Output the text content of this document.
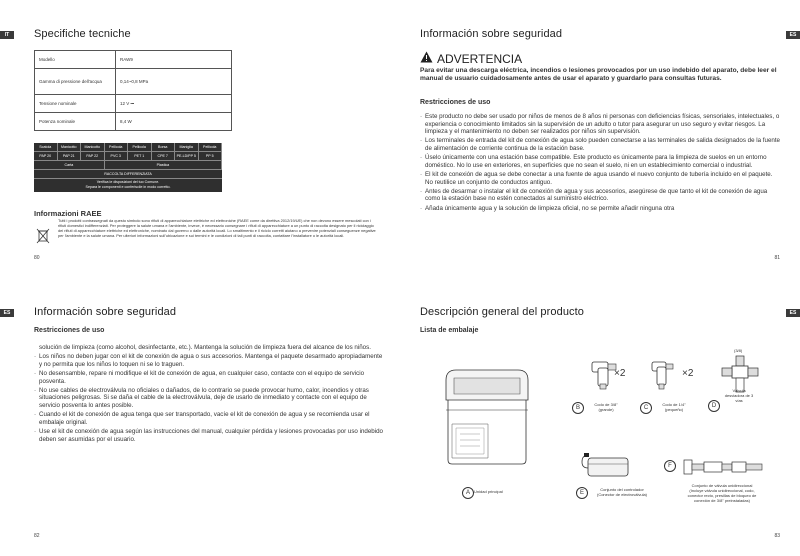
IT	Specifiche tecniche
Modello	RAW9
Gamma di pressione dell'acqua	0,14~0,8 MPa
Tensione nominale	12 V ⎓
Potenza nominale	8,4 W
Scatola	Manicotto	Manicotto	Pellicola	Pellicola	Borsa	Maniglia	Pellicola
PAP 20	PAP 21	PAP 22	PVC 3	PET 1	CPE 7	PE-LD/PP 5	PP 5
Carta	Plastica
RACCOLTA DIFFERENZIATA
Verifica le disposizioni del tuo Comune.
Separa le componenti e conferiscile in modo corretto.
Informazioni RAEE
Tutti i prodotti contrassegnati da questo simbolo sono rifiuti di apparecchiature elettriche ed elettroniche (RAEE come da direttiva 2012/19/UE) che non devono essere mescolati con i rifiuti domestici indifferenziati. Per proteggere la salute umana e l'ambiente, invece, è necessario consegnare i rifiuti di apparecchiature a un punto di raccolta designato per il riciclaggio dei rifiuti di apparecchiature elettriche ed elettroniche, nominato dal governo o dalle autorità locali. Lo smaltimento e il riciclo corretti aiutano a prevenire potenziali conseguenze negative per l'ambiente e la salute umana. Per ulteriori informazioni sull'ubicazione e sui termini e le condizioni di tali punti di raccolta, contattare l'installatore o le autorità locali.
80
ES
Información sobre seguridad
ADVERTENCIA
Para evitar una descarga eléctrica, incendios o lesiones provocados por un uso indebido del aparato, debe leer el manual de usuario cuidadosamente antes de usar el aparato y guardarlo para consultas futuras.
Restricciones de uso
· Este producto no debe ser usado por niños de menos de 8 años ni personas con deficiencias físicas, sensoriales, intelectuales, o experiencia o conocimiento limitados sin la supervisión de un adulto o tutor para asegurar un uso seguro y evitar riesgos. La limpieza y el mantenimiento no deben ser realizados por niños sin supervisión.
· Los terminales de entrada del kit de conexión de agua solo pueden conectarse a las terminales de salida designados de la fuente de alimentación de corriente continua de la estación base.
· Úselo únicamente con una estación base compatible. Este producto es únicamente para la limpieza de suelos en un entorno doméstico. No lo use en exteriores, en superficies que no sean el suelo, ni en un establecimiento comercial o industrial.
· El kit de conexión de agua se debe conectar a una fuente de agua usando el nuevo conjunto de tubería incluido en el paquete. No reutilice un conjunto de conductos antiguo.
· Antes de desarmar o instalar el kit de conexión de agua y sus accesorios, asegúrese de que tanto el kit de conexión de agua como la estación base no estén conectados al suministro eléctrico.
· Añada únicamente agua y la solución de limpieza oficial, no se permite añadir ninguna otra
81
ES	Información sobre seguridad
Restricciones de uso
solución de limpieza (como alcohol, desinfectante, etc.). Mantenga la solución de limpieza fuera del alcance de los niños.
· Los niños no deben jugar con el kit de conexión de agua o sus accesorios. Mantenga el paquete desarmado apropiadamente y no permita que los niños lo toquen ni se lo traguen.
· No desensamble, repare ni modifique el kit de conexión de agua, en cualquier caso, contacte con el equipo de servicio posventa.
· No use cables de electroválvula no oficiales o dañados, de lo contrario se puede provocar humo, calor, incendios y otras situaciones peligrosas. Si se daña el cable de la electroválvula, deje de usarlo de inmediato y contacte con el equipo de servicio posventa lo antes posible.
· Cuando el kit de conexión de agua tenga que ser transportado, vacíe el kit de conexión de agua y se recomienda usar el embalaje original.
· Use el kit de conexión de agua según las instrucciones del manual, cualquier pérdida y lesiones provocadas por uso indebido deben ser asumidas por el usuario.
82
ES
Descripción general del producto
Lista de embalaje
A	Unidad principal
×2
B
Codo de 3/8"
(grande)
×2
C
Codo de 1/4"
(pequeño)
(3/8)
D
Válvula
desviadora de 3
vías
E
Conjunto del controlador
(Conector de electroválvula)
F
Conjunto de válvula unidireccional
(Incluye válvula unidireccional, codo,
conector recto, presillas de bloqueo de
conexión de 3/8" preinstaladas)
83
